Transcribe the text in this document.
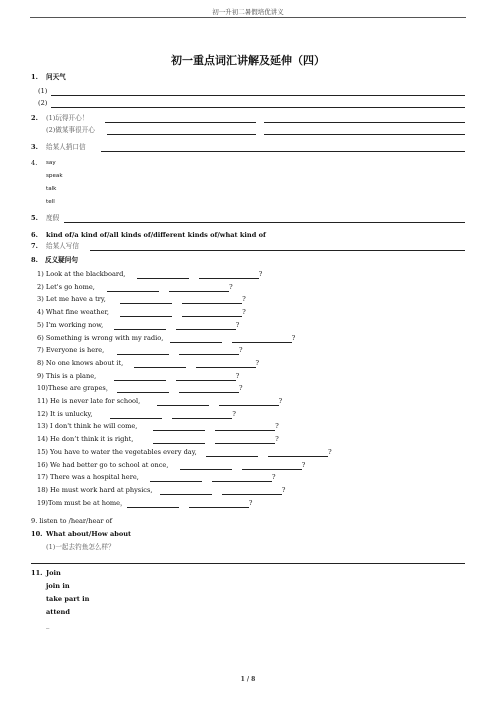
初一升初二暑假培优讲义
初一重点词汇讲解及延伸（四）
1. 问天气
(1)
(2)
2. (1)玩得开心！
(2)做某事很开心
3. 给某人捎口信
4. say
speak
talk
tell
5. 度假
6. kind of/a kind of/all kinds of/different kinds of/what kind of
7. 给某人写信
8. 反义疑问句
1) Look at the blackboard,	?
2) Let's go home,	?
3) Let me have a try,	?
4) What fine weather,	?
5) I'm working now,	?
6) Something is wrong with my radio,	?
7) Everyone is here,	?
8) No one knows about it,	?
9) This is a plane,	?
10)These are grapes，	?
11) He is never late for school,	?
12) It is unlucky,	?
13) I don't think he will come,	?
14) He don’t think it is right,	?
15) You have to water the vegetables every day,	?
16) We had better go to school at once,	?
17) There was a hospital here,	?
18) He must work hard at physics,	?
19)Tom must be at home，	?
9. listen to /hear/hear of
10. What about/How about
(1)一起去钓鱼怎么样？
11. Join
join in
take part in
attend
_
1 / 8
